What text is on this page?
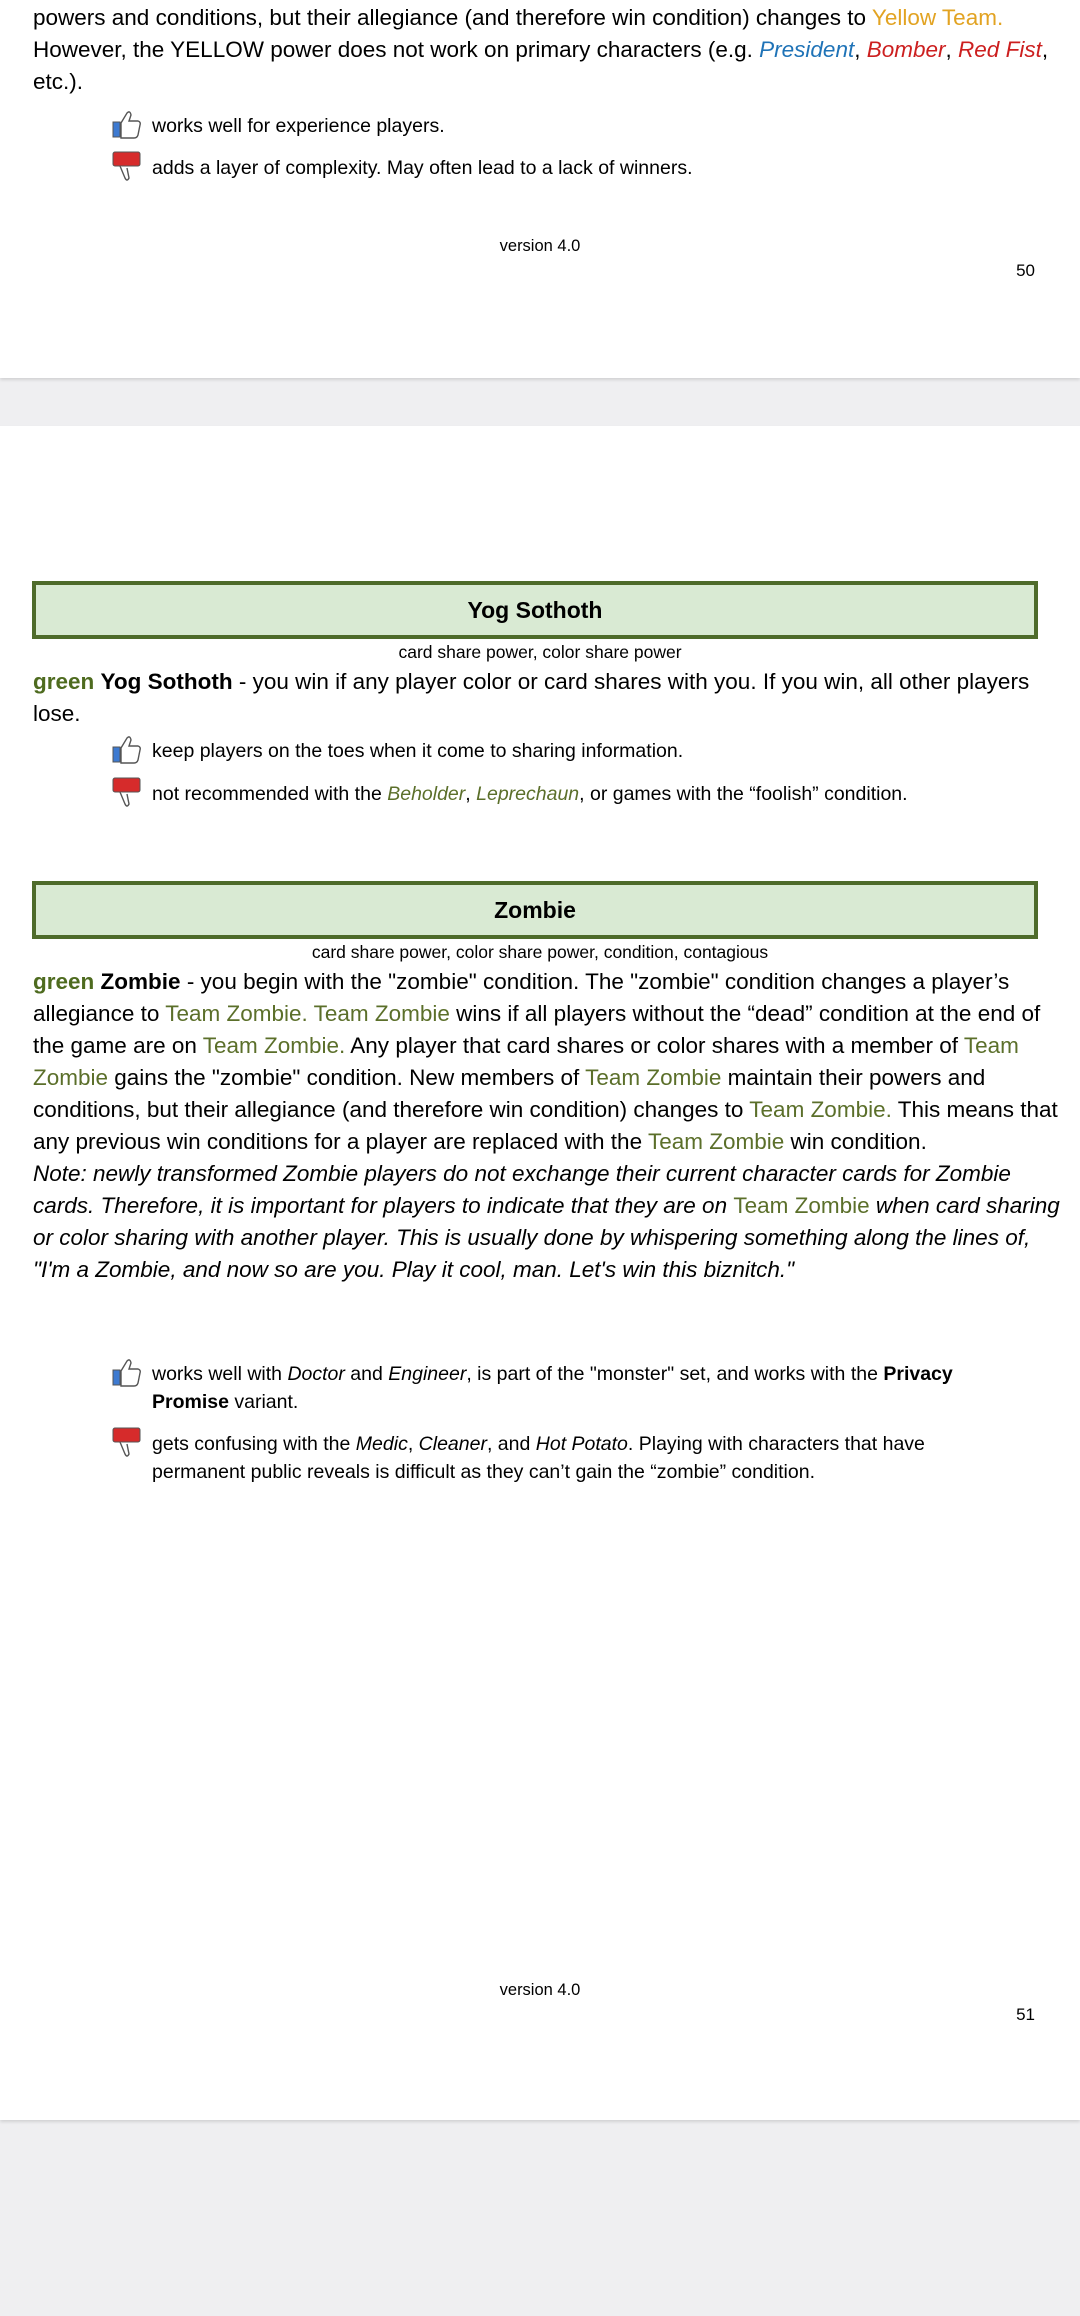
powers and conditions, but their allegiance (and therefore win condition) changes to Yellow Team. However, the YELLOW power does not work on primary characters (e.g. President, Bomber, Red Fist, etc.).
works well for experience players.
adds a layer of complexity. May often lead to a lack of winners.
version 4.0
50
Yog Sothoth
card share power, color share power
green Yog Sothoth - you win if any player color or card shares with you. If you win, all other players lose.
keep players on the toes when it come to sharing information.
not recommended with the Beholder, Leprechaun, or games with the “foolish” condition.
Zombie
card share power, color share power, condition, contagious
green Zombie - you begin with the "zombie" condition. The "zombie" condition changes a player’s allegiance to Team Zombie. Team Zombie wins if all players without the “dead” condition at the end of the game are on Team Zombie. Any player that card shares or color shares with a member of Team Zombie gains the "zombie" condition. New members of Team Zombie maintain their powers and conditions, but their allegiance (and therefore win condition) changes to Team Zombie. This means that any previous win conditions for a player are replaced with the Team Zombie win condition.
Note: newly transformed Zombie players do not exchange their current character cards for Zombie cards. Therefore, it is important for players to indicate that they are on Team Zombie when card sharing or color sharing with another player. This is usually done by whispering something along the lines of, "I'm a Zombie, and now so are you. Play it cool, man. Let's win this biznitch."
works well with Doctor and Engineer, is part of the "monster" set, and works with the Privacy Promise variant.
gets confusing with the Medic, Cleaner, and Hot Potato. Playing with characters that have permanent public reveals is difficult as they can’t gain the “zombie” condition.
version 4.0
51
